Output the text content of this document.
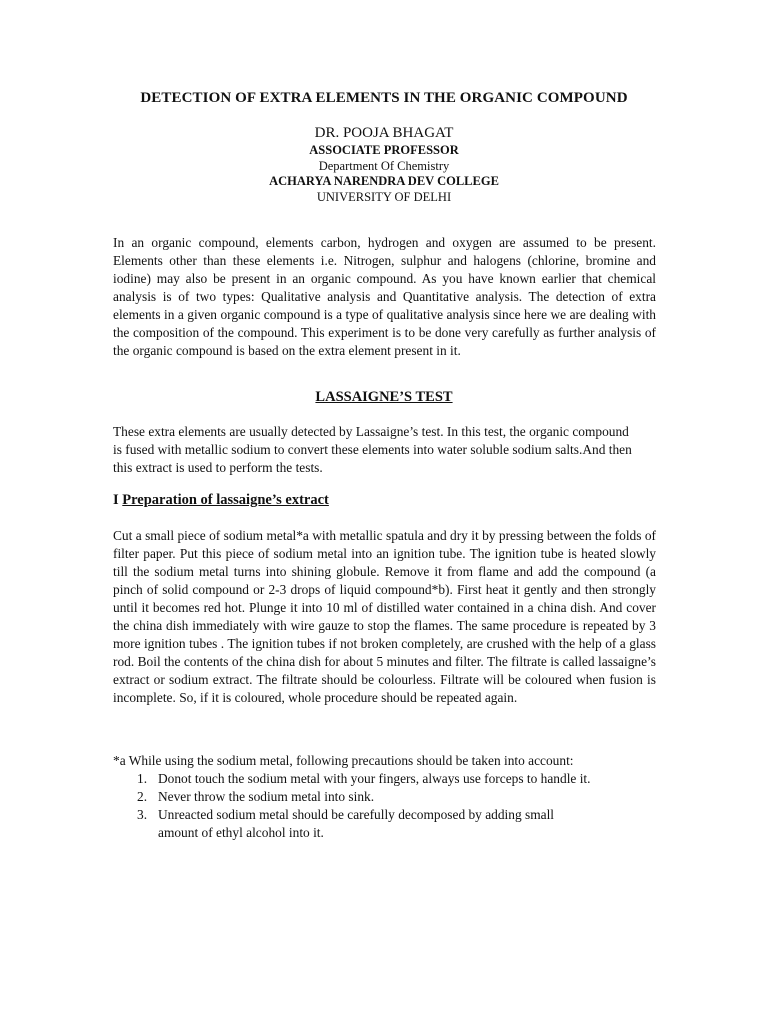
DETECTION OF EXTRA ELEMENTS IN THE ORGANIC COMPOUND
DR. POOJA BHAGAT
ASSOCIATE PROFESSOR
Department Of Chemistry
ACHARYA NARENDRA DEV COLLEGE
UNIVERSITY OF DELHI

In an organic compound, elements carbon, hydrogen and oxygen are assumed to be present. Elements other than these elements i.e. Nitrogen, sulphur and halogens (chlorine, bromine and iodine) may also be present in an organic compound. As you have known earlier that chemical analysis is of two types: Qualitative analysis and Quantitative analysis. The detection of extra elements in a given organic compound is a type of qualitative analysis since here we are dealing with the composition of the compound. This experiment is to be done very carefully as further analysis of the organic compound is based on the extra element present in it.

LASSAIGNE’S TEST

These extra elements are usually detected by Lassaigne’s test. In this test, the organic compound is fused with metallic sodium to convert these elements into water soluble sodium salts.And then this extract is used to perform the tests.

I Preparation of lassaigne’s extract

Cut a small piece of sodium metal*a with metallic spatula and dry it by pressing between the folds of filter paper. Put this piece of sodium metal into an ignition tube. The ignition tube is heated slowly till the sodium metal turns into shining globule. Remove it from flame and add the compound (a pinch of solid compound or 2-3 drops of liquid compound*b). First heat it gently and then strongly until it becomes red hot. Plunge it into 10 ml of distilled water contained in a china dish. And cover the china dish immediately with wire gauze to stop the flames. The same procedure is repeated by 3 more ignition tubes . The ignition tubes if not broken completely, are crushed with the help of a glass rod. Boil the contents of the china dish for about 5 minutes and filter. The filtrate is called lassaigne’s extract or sodium extract. The filtrate should be colourless. Filtrate will be coloured when fusion is incomplete. So, if it is coloured, whole procedure should be repeated again.

*a While using the sodium metal, following precautions should be taken into account:
1. Donot touch the sodium metal with your fingers, always use forceps to handle it.
2. Never throw the sodium metal into sink.
3. Unreacted sodium metal should be carefully decomposed by adding small amount of ethyl alcohol into it.
